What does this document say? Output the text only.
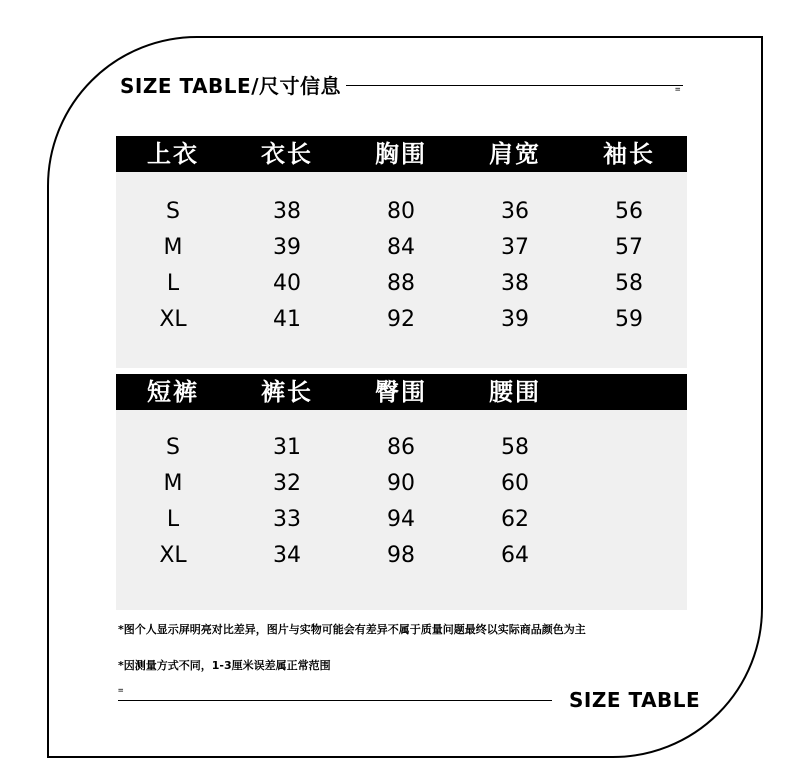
SIZE TABLE/尺寸信息	=
上衣	衣长	胸围	肩宽	袖长
S	38	80	36	56
M	39	84	37	57
L	40	88	38	58
XL	41	92	39	59
短裤	裤长	臀围	腰围
S	31	86	58
M	32	90	60
L	33	94	62
XL	34	98	64
*图个人显示屏明亮对比差异，图片与实物可能会有差异不属于质量问题最终以实际商品颜色为主
*因测量方式不同，1-3厘米误差属正常范围
=	SIZE TABLE
